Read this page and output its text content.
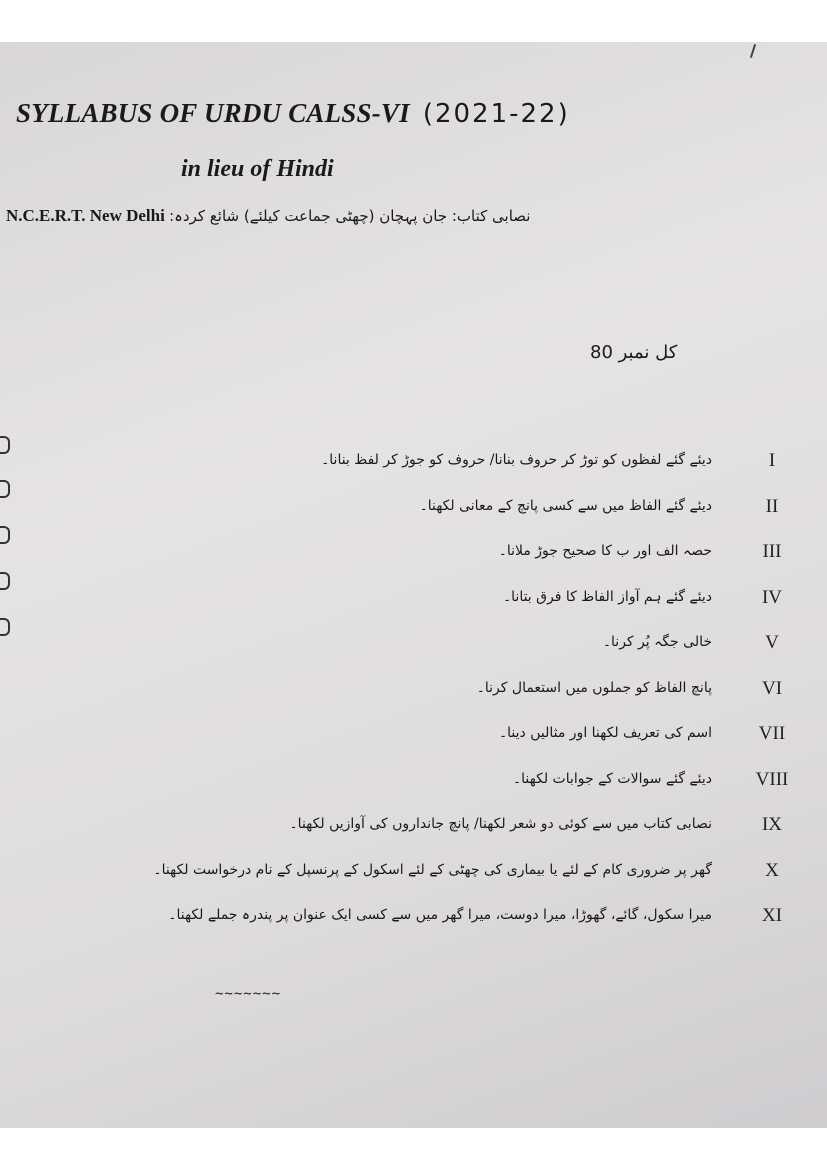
SYLLABUS OF URDU CALSS-VI (2021-22)
in lieu of Hindi
N.C.E.R.T. New Delhi نصابی کتاب: جان پہچان (چھٹی جماعت کیلئے) شائع کردہ:
کل نمبر 80
I
دیئے گئے لفظوں کو توڑ کر حروف بنانا/ حروف کو جوڑ کر لفظ بنانا۔
II
دیئے گئے الفاظ میں سے کسی پانچ کے معانی لکھنا۔
III
حصہ الف اور ب کا صحیح جوڑ ملانا۔
IV
دیئے گئے ہم آواز الفاظ کا فرق بتانا۔
V
خالی جگہ پُر کرنا۔
VI
پانچ الفاظ کو جملوں میں استعمال کرنا۔
VII
اسم کی تعریف لکھنا اور مثالیں دینا۔
VIII
دیئے گئے سوالات کے جوابات لکھنا۔
IX
نصابی کتاب میں سے کوئی دو شعر لکھنا/ پانچ جانداروں کی آوازیں لکھنا۔
X
گھر پر ضروری کام کے لئے یا بیماری کی چھٹی کے لئے اسکول کے پرنسپل کے نام درخواست لکھنا۔
XI
میرا سکول، گائے، گھوڑا، میرا دوست، میرا گھر میں سے کسی ایک عنوان پر پندرہ جملے لکھنا۔
~~~~~~~
